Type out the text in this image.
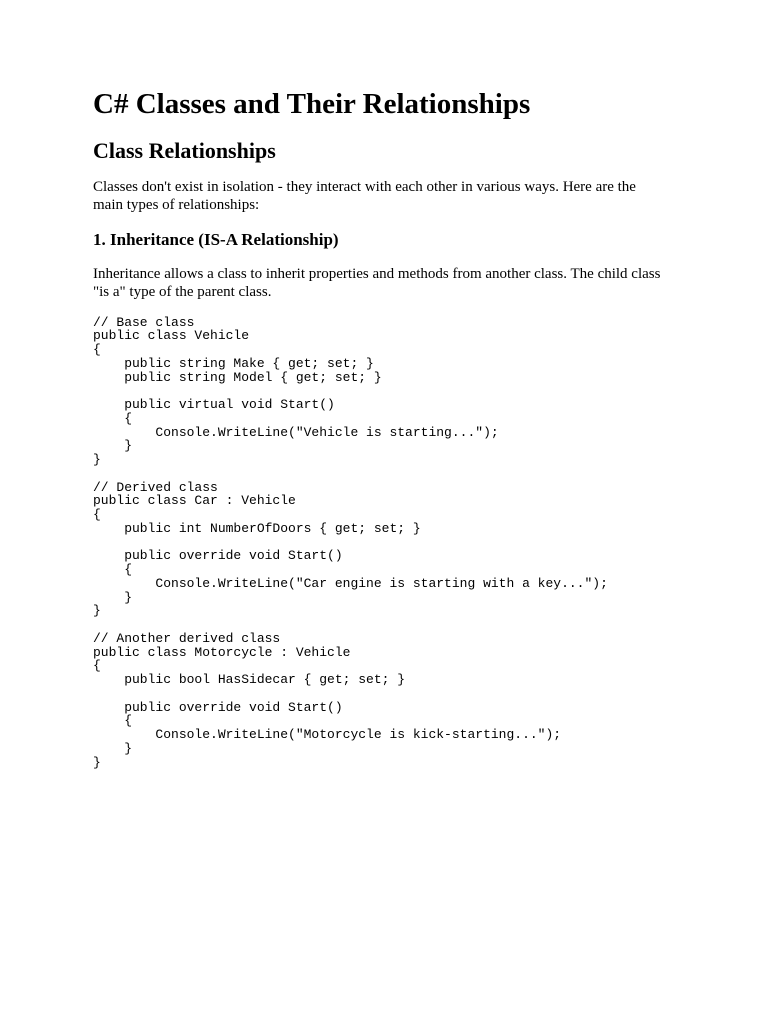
C# Classes and Their Relationships
Class Relationships

Classes don't exist in isolation - they interact with each other in various ways. Here are the main types of relationships:

1. Inheritance (IS-A Relationship)

Inheritance allows a class to inherit properties and methods from another class. The child class "is a" type of the parent class.

// Base class
public class Vehicle
{
public string Make { get; set; }
public string Model { get; set; }

public virtual void Start()
{
Console.WriteLine("Vehicle is starting...");
}
}

// Derived class
public class Car : Vehicle
{
public int NumberOfDoors { get; set; }

public override void Start()
{
Console.WriteLine("Car engine is starting with a key...");
}
}

// Another derived class
public class Motorcycle : Vehicle
{
public bool HasSidecar { get; set; }

public override void Start()
{
Console.WriteLine("Motorcycle is kick-starting...");
}
}
